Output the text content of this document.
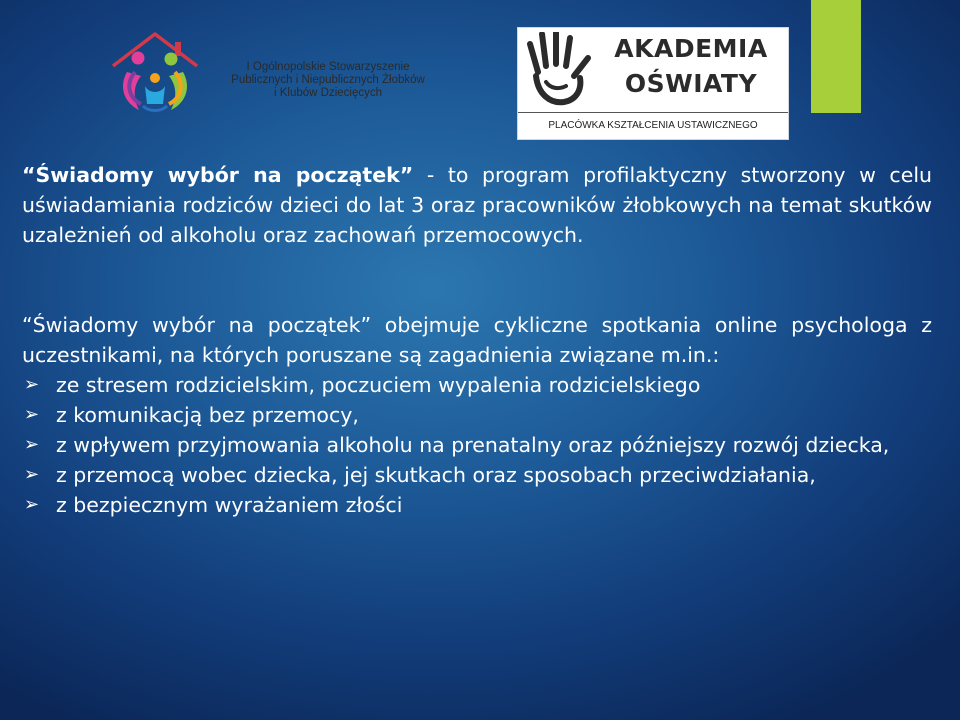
I Ogólnopolskie Stowarzyszenie
Publicznych i Niepublicznych Żłobków
i Klubów Dziecięcych
AKADEMIA
OŚWIATY
PLACÓWKA KSZTAŁCENIA USTAWICZNEGO

“Świadomy wybór na początek” - to program profilaktyczny stworzony w celu uświadamiania rodziców dzieci do lat 3 oraz pracowników żłobkowych na temat skutków uzależnień od alkoholu oraz zachowań przemocowych.

“Świadomy wybór na początek” obejmuje cykliczne spotkania online psychologa z uczestnikami, na których poruszane są zagadnienia związane m.in.:

➢ ze stresem rodzicielskim, poczuciem wypalenia rodzicielskiego
➢ z komunikacją bez przemocy,
➢ z wpływem przyjmowania alkoholu na prenatalny oraz późniejszy rozwój dziecka,
➢ z przemocą wobec dziecka, jej skutkach oraz sposobach przeciwdziałania,
➢ z bezpiecznym wyrażaniem złości
